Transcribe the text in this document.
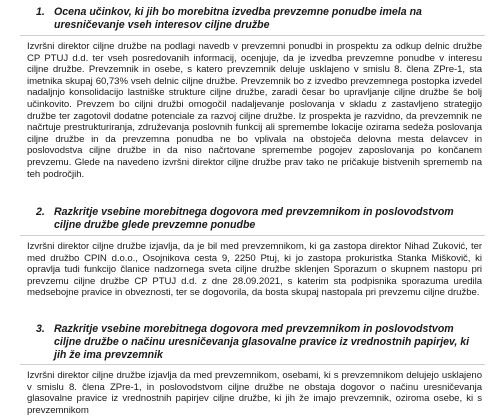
1. Ocena učinkov, ki jih bo morebitna izvedba prevzemne ponudbe imela na uresničevanje vseh interesov ciljne družbe
Izvršni direktor ciljne družbe na podlagi navedb v prevzemni ponudbi in prospektu za odkup delnic družbe CP PTUJ d.d. ter vseh posredovanih informacij, ocenjuje, da je izvedba prevzemne ponudbe v interesu ciljne družbe. Prevzemnik in osebe, s katero prevzemnik deluje usklajeno v smislu 8. člena ZPre-1, sta imetnika skupaj 60,73% vseh delnic ciljne družbe. Prevzemnik bo z izvedbo prevzemnega postopka izvedel nadaljnjo konsolidacijo lastniške strukture ciljne družbe, zaradi česar bo upravljanje ciljne družbe še bolj učinkovito. Prevzem bo ciljni družbi omogočil nadaljevanje poslovanja v skladu z zastavljeno strategijo družbe ter zagotovil dodatne potenciale za razvoj ciljne družbe. Iz prospekta je razvidno, da prevzemnik ne načrtuje prestrukturiranja, združevanja poslovnih funkcij ali spremembe lokacije ozirama sedeža poslovanja ciljne družbe in da prevzemna ponudba ne bo vplivala na obstoječa delovna mesta delavcev in poslovodstva ciljne družbe in da niso načrtovane spremembe pogojev zaposlovanja po končanem prevzemu. Glede na navedeno izvršni direktor ciljne družbe prav tako ne pričakuje bistvenih sprememb na teh področjih.
2. Razkritje vsebine morebitnega dogovora med prevzemnikom in poslovodstvom ciljne družbe glede prevzemne ponudbe
Izvršni direktor ciljne družbe izjavlja, da je bil med prevzemnikom, ki ga zastopa direktor Nihad Zuković, ter med družbo CPIN d.o.o., Osojnikova cesta 9, 2250 Ptuj, ki jo zastopa prokuristka Stanka Miškovič, ki opravlja tudi funkcijo članice nadzornega sveta ciljne družbe sklenjen Sporazum o skupnem nastopu pri prevzemu ciljne družbe CP PTUJ d.d. z dne 28.09.2021, s katerim sta podpisnika sporazuma uredila medsebojne pravice in obveznosti, ter se dogovorila, da bosta skupaj nastopala pri prevzemu ciljne družbe.
3. Razkritje vsebine morebitnega dogovora med prevzemnikom in poslovodstvom ciljne družbe o načinu uresničevanja glasovalne pravice iz vrednostnih papirjev, ki jih že ima prevzemnik
Izvršni direktor ciljne družbe izjavlja da med prevzemnikom, osebami, ki s prevzemnikom delujejo usklajeno v smislu 8. člena ZPre-1, in poslovodstvom ciljne družbe ne obstaja dogovor o načinu uresničevanja glasovalne pravice iz vrednostnih papirjev ciljne družbe, ki jih že imajo prevzemnik, oziroma osebe, ki s prevzemnikom
